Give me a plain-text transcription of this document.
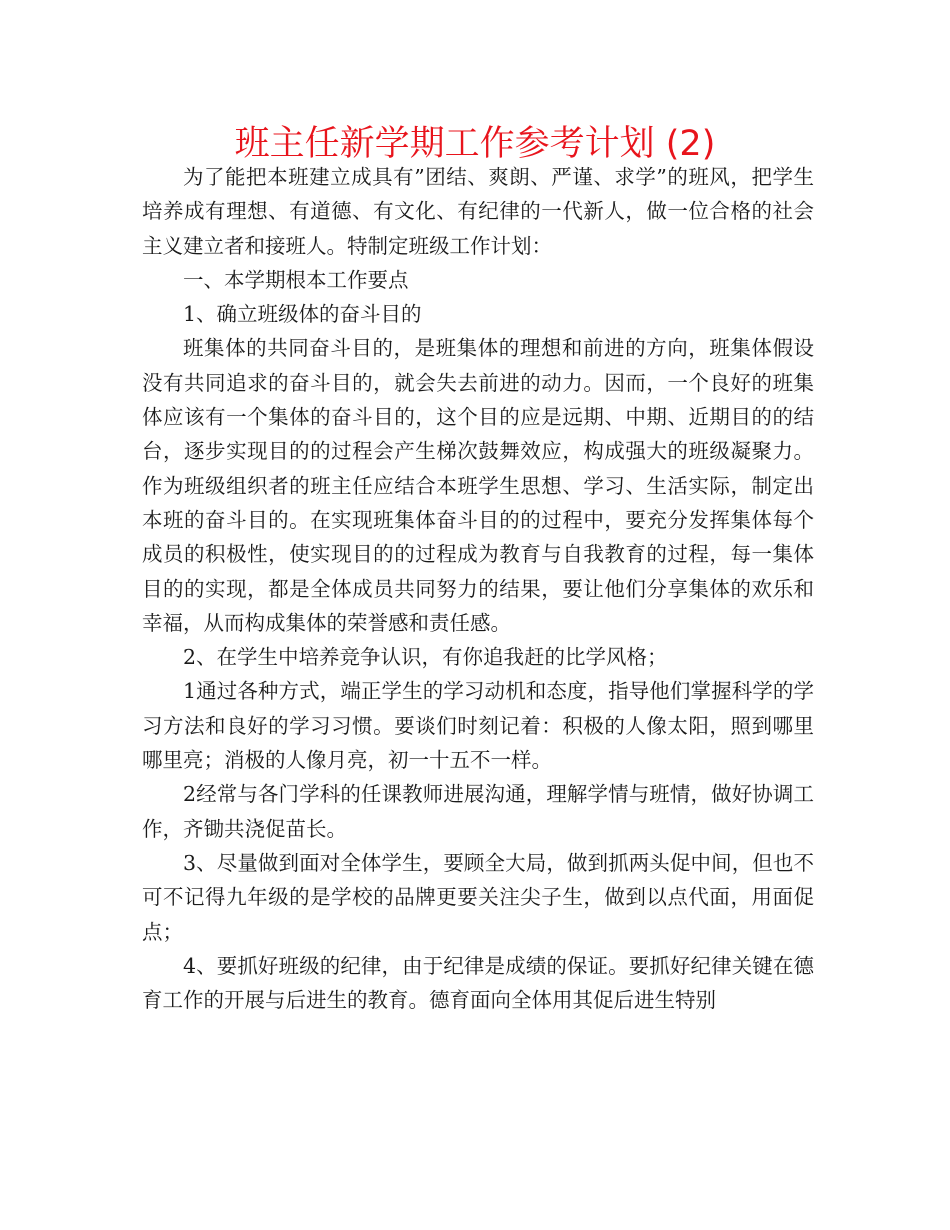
班主任新学期工作参考计划 (2)

为了能把本班建立成具有”团结、爽朗、严谨、求学”的班风，把学生培养成有理想、有道德、有文化、有纪律的一代新人，做一位合格的社会主义建立者和接班人。特制定班级工作计划：

一、本学期根本工作要点

1、确立班级体的奋斗目的

班集体的共同奋斗目的，是班集体的理想和前进的方向，班集体假设没有共同追求的奋斗目的，就会失去前进的动力。因而，一个良好的班集体应该有一个集体的奋斗目的，这个目的应是远期、中期、近期目的的结台，逐步实现目的的过程会产生梯次鼓舞效应，构成强大的班级凝聚力。作为班级组织者的班主任应结合本班学生思想、学习、生活实际，制定出本班的奋斗目的。在实现班集体奋斗目的的过程中，要充分发挥集体每个成员的积极性，使实现目的的过程成为教育与自我教育的过程，每一集体目的的实现，都是全体成员共同努力的结果，要让他们分享集体的欢乐和幸福，从而构成集体的荣誉感和责任感。

2、在学生中培养竞争认识，有你追我赶的比学风格；

1通过各种方式，端正学生的学习动机和态度，指导他们掌握科学的学习方法和良好的学习习惯。要谈们时刻记着：积极的人像太阳，照到哪里哪里亮；消极的人像月亮，初一十五不一样。

2经常与各门学科的任课教师进展沟通，理解学情与班情，做好协调工作，齐锄共浇促苗长。

3、尽量做到面对全体学生，要顾全大局，做到抓两头促中间，但也不可不记得九年级的是学校的品牌更要关注尖子生，做到以点代面，用面促点；

4、要抓好班级的纪律，由于纪律是成绩的保证。要抓好纪律关键在德育工作的开展与后进生的教育。德育面向全体用其促后进生特别
